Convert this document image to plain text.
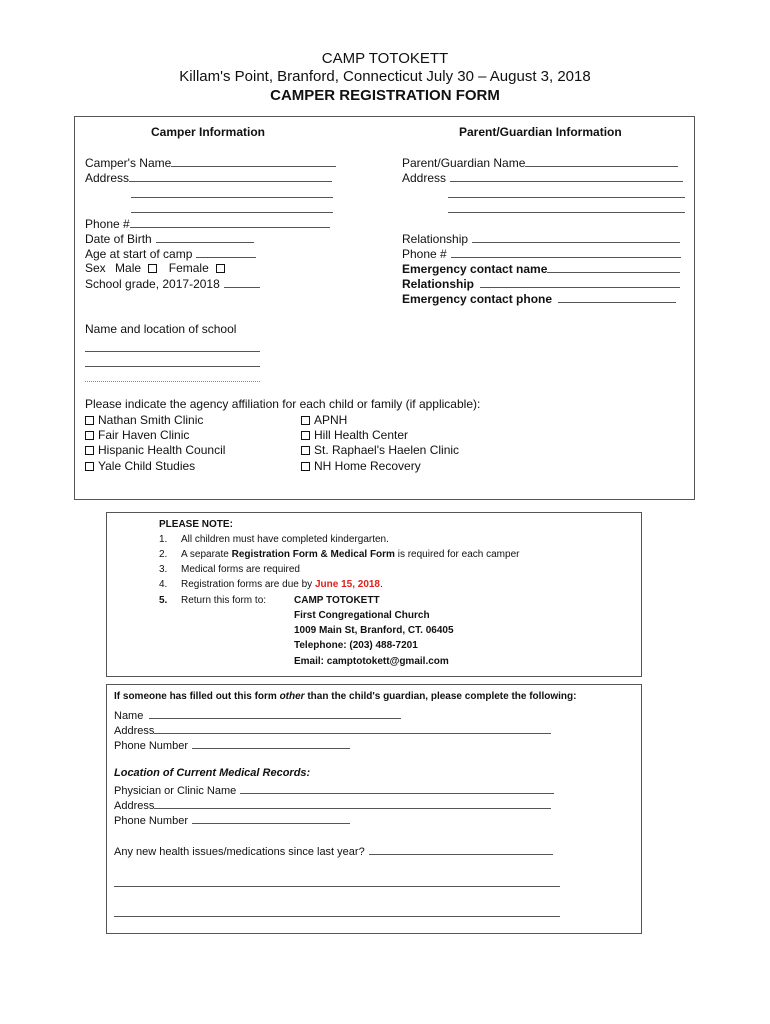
CAMP TOTOKETT
Killam's Point, Branford, Connecticut July 30 – August 3, 2018
CAMPER REGISTRATION FORM
Camper Information
Camper's Name
Address
Phone #
Date of Birth
Age at start of camp
Sex Male Female
School grade, 2017-2018
Parent/Guardian Information
Parent/Guardian Name
Address
Relationship
Phone #
Emergency contact name
Relationship
Emergency contact phone
Name and location of school
Please indicate the agency affiliation for each child or family (if applicable):
Nathan Smith Clinic
Fair Haven Clinic
Hispanic Health Council
Yale Child Studies
APNH
Hill Health Center
St. Raphael's Haelen Clinic
NH Home Recovery
PLEASE NOTE:
1. All children must have completed kindergarten.
2. A separate Registration Form & Medical Form is required for each camper
3. Medical forms are required
4. Registration forms are due by June 15, 2018.
5. Return this form to:	CAMP TOTOKETT
First Congregational Church
1009 Main St, Branford, CT. 06405
Telephone: (203) 488-7201
Email: camptotokett@gmail.com
If someone has filled out this form other than the child's guardian, please complete the following:
Name
Address
Phone Number
Location of Current Medical Records:
Physician or Clinic Name
Address
Phone Number
Any new health issues/medications since last year?
